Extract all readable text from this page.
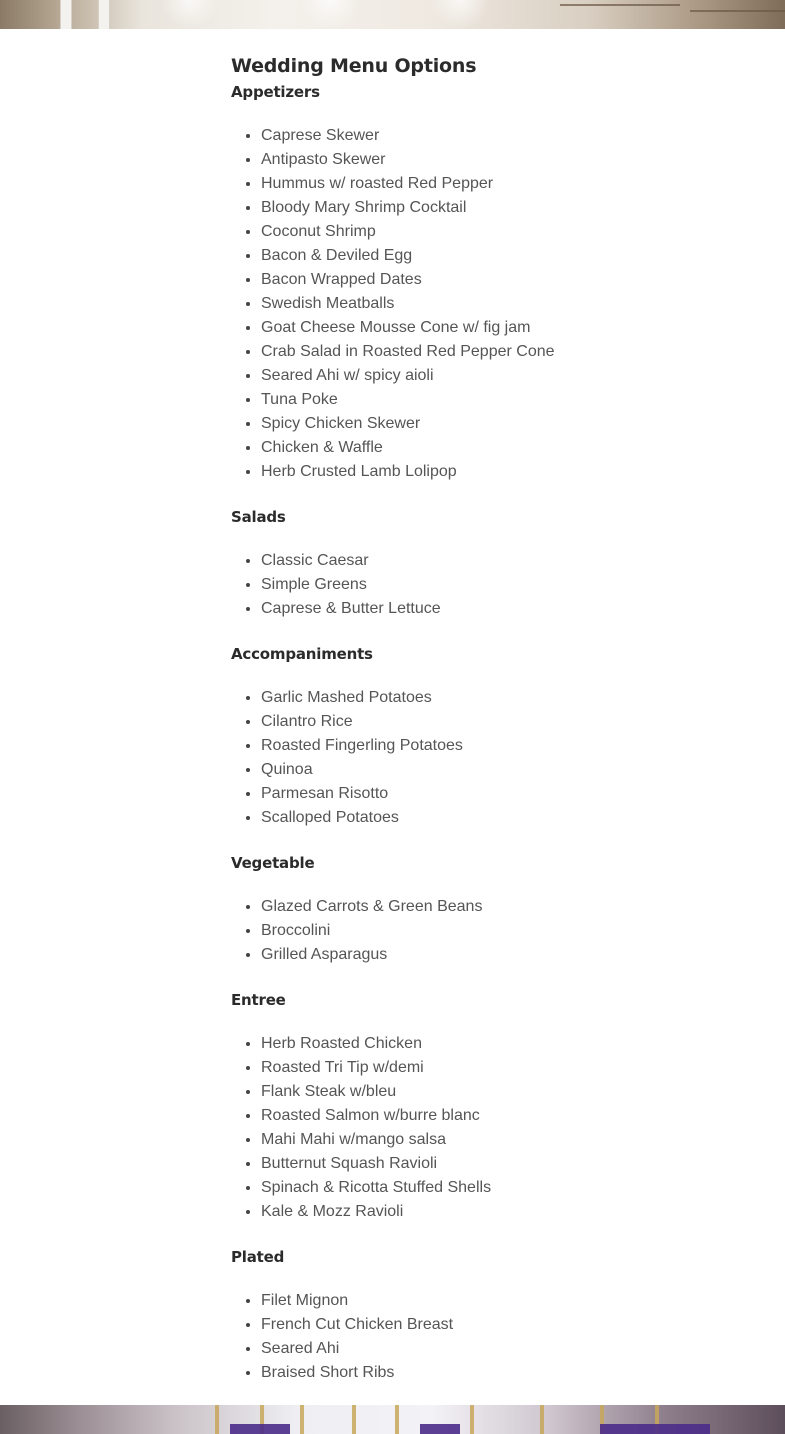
Wedding Menu Options
Appetizers
• Caprese Skewer
• Antipasto Skewer
• Hummus w/ roasted Red Pepper
• Bloody Mary Shrimp Cocktail
• Coconut Shrimp
• Bacon & Deviled Egg
• Bacon Wrapped Dates
• Swedish Meatballs
• Goat Cheese Mousse Cone w/ fig jam
• Crab Salad in Roasted Red Pepper Cone
• Seared Ahi w/ spicy aioli
• Tuna Poke
• Spicy Chicken Skewer
• Chicken & Waffle
• Herb Crusted Lamb Lolipop
Salads
• Classic Caesar
• Simple Greens
• Caprese & Butter Lettuce
Accompaniments
• Garlic Mashed Potatoes
• Cilantro Rice
• Roasted Fingerling Potatoes
• Quinoa
• Parmesan Risotto
• Scalloped Potatoes
Vegetable
• Glazed Carrots & Green Beans
• Broccolini
• Grilled Asparagus
Entree
• Herb Roasted Chicken
• Roasted Tri Tip w/demi
• Flank Steak w/bleu
• Roasted Salmon w/burre blanc
• Mahi Mahi w/mango salsa
• Butternut Squash Ravioli
• Spinach & Ricotta Stuffed Shells
• Kale & Mozz Ravioli
Plated
• Filet Mignon
• French Cut Chicken Breast
• Seared Ahi
• Braised Short Ribs
